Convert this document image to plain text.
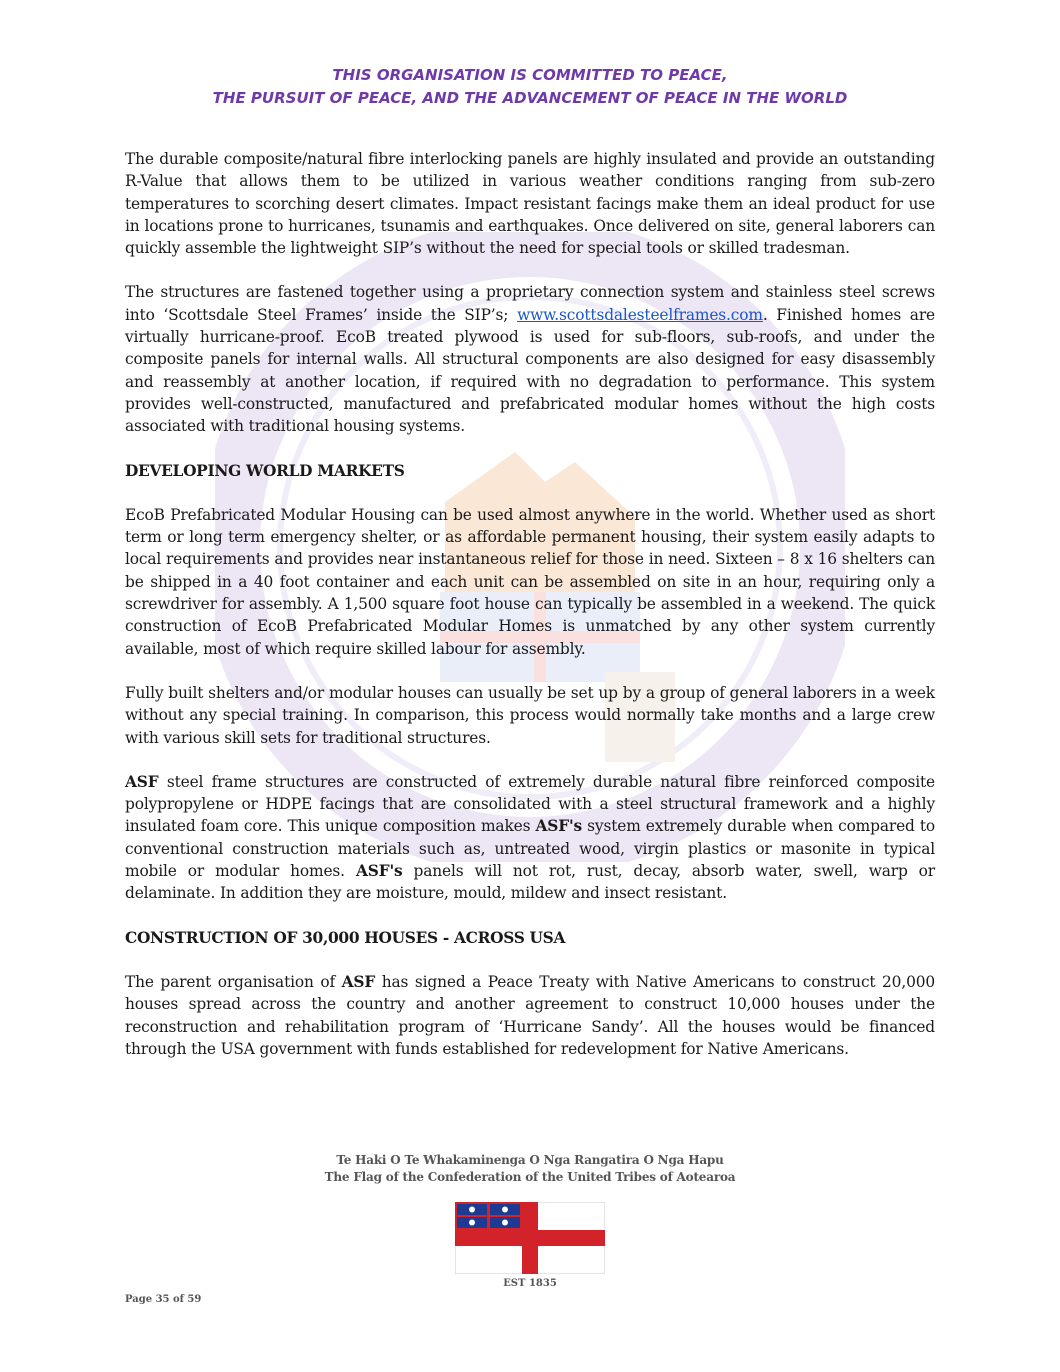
THIS ORGANISATION IS COMMITTED TO PEACE,
THE PURSUIT OF PEACE, AND THE ADVANCEMENT OF PEACE IN THE WORLD

The durable composite/natural fibre interlocking panels are highly insulated and provide an outstanding R-Value that allows them to be utilized in various weather conditions ranging from sub-zero temperatures to scorching desert climates. Impact resistant facings make them an ideal product for use in locations prone to hurricanes, tsunamis and earthquakes. Once delivered on site, general laborers can quickly assemble the lightweight SIP’s without the need for special tools or skilled tradesman.

The structures are fastened together using a proprietary connection system and stainless steel screws into ‘Scottsdale Steel Frames’ inside the SIP’s; www.scottsdalesteelframes.com. Finished homes are virtually hurricane-proof. EcoB treated plywood is used for sub-floors, sub-roofs, and under the composite panels for internal walls. All structural components are also designed for easy disassembly and reassembly at another location, if required with no degradation to performance. This system provides well-constructed, manufactured and prefabricated modular homes without the high costs associated with traditional housing systems.

DEVELOPING WORLD MARKETS

EcoB Prefabricated Modular Housing can be used almost anywhere in the world. Whether used as short term or long term emergency shelter, or as affordable permanent housing, their system easily adapts to local requirements and provides near instantaneous relief for those in need. Sixteen – 8 x 16 shelters can be shipped in a 40 foot container and each unit can be assembled on site in an hour, requiring only a screwdriver for assembly. A 1,500 square foot house can typically be assembled in a weekend. The quick construction of EcoB Prefabricated Modular Homes is unmatched by any other system currently available, most of which require skilled labour for assembly.

Fully built shelters and/or modular houses can usually be set up by a group of general laborers in a week without any special training. In comparison, this process would normally take months and a large crew with various skill sets for traditional structures.

ASF steel frame structures are constructed of extremely durable natural fibre reinforced composite polypropylene or HDPE facings that are consolidated with a steel structural framework and a highly insulated foam core. This unique composition makes ASF's system extremely durable when compared to conventional construction materials such as, untreated wood, virgin plastics or masonite in typical mobile or modular homes. ASF's panels will not rot, rust, decay, absorb water, swell, warp or delaminate. In addition they are moisture, mould, mildew and insect resistant.

CONSTRUCTION OF 30,000 HOUSES - ACROSS USA

The parent organisation of ASF has signed a Peace Treaty with Native Americans to construct 20,000 houses spread across the country and another agreement to construct 10,000 houses under the reconstruction and rehabilitation program of ‘Hurricane Sandy’. All the houses would be financed through the USA government with funds established for redevelopment for Native Americans.

Te Haki O Te Whakaminenga O Nga Rangatira O Nga Hapu
The Flag of the Confederation of the United Tribes of Aotearoa
EST 1835
Page 35 of 59
